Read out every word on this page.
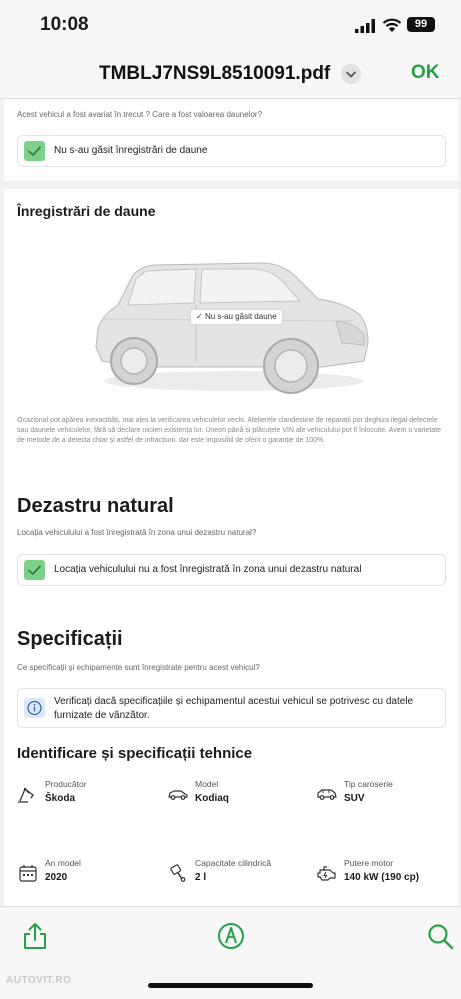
10:08	99
TMBLJ7NS9L8510091.pdf	OK
Acest vehicul a fost avariat în trecut ? Care a fost valoarea daunelor?
Nu s-au găsit înregistrări de daune
Înregistrări de daune
✓ Nu s-au găsit daune
Ocazional pot apărea inexactități, mai ales la verificarea vehiculelor vechi. Atelierele clandestine de reparații pot deghiza ilegal defectele sau daunele vehiculelor, fără să declare niciieri existența lor. Uneori până și plăcuțele VIN ale vehiculului pot fi înlocuite. Avem o varietate de metode de a detecta chiar și astfel de infracțiuni, dar este imposibil de oferit o garanție de 100%.
Dezastru natural
Locația vehiculului a fost înregistrată în zona unui dezastru natural?
Locația vehiculului nu a fost înregistrată în zona unui dezastru natural
Specificații
Ce specificații și echipamente sunt înregistrate pentru acest vehicul?
Verificați dacă specificațiile și echipamentul acestui vehicul se potrivesc cu datele furnizate de vânzător.
Identificare și specificații tehnice
Producător
Škoda
Model
Kodiaq
Tip caroserie
SUV
An model
2020
Capacitate cilindrică
2 l
Putere motor
140 kW (190 cp)
AUTOVIT.RO
